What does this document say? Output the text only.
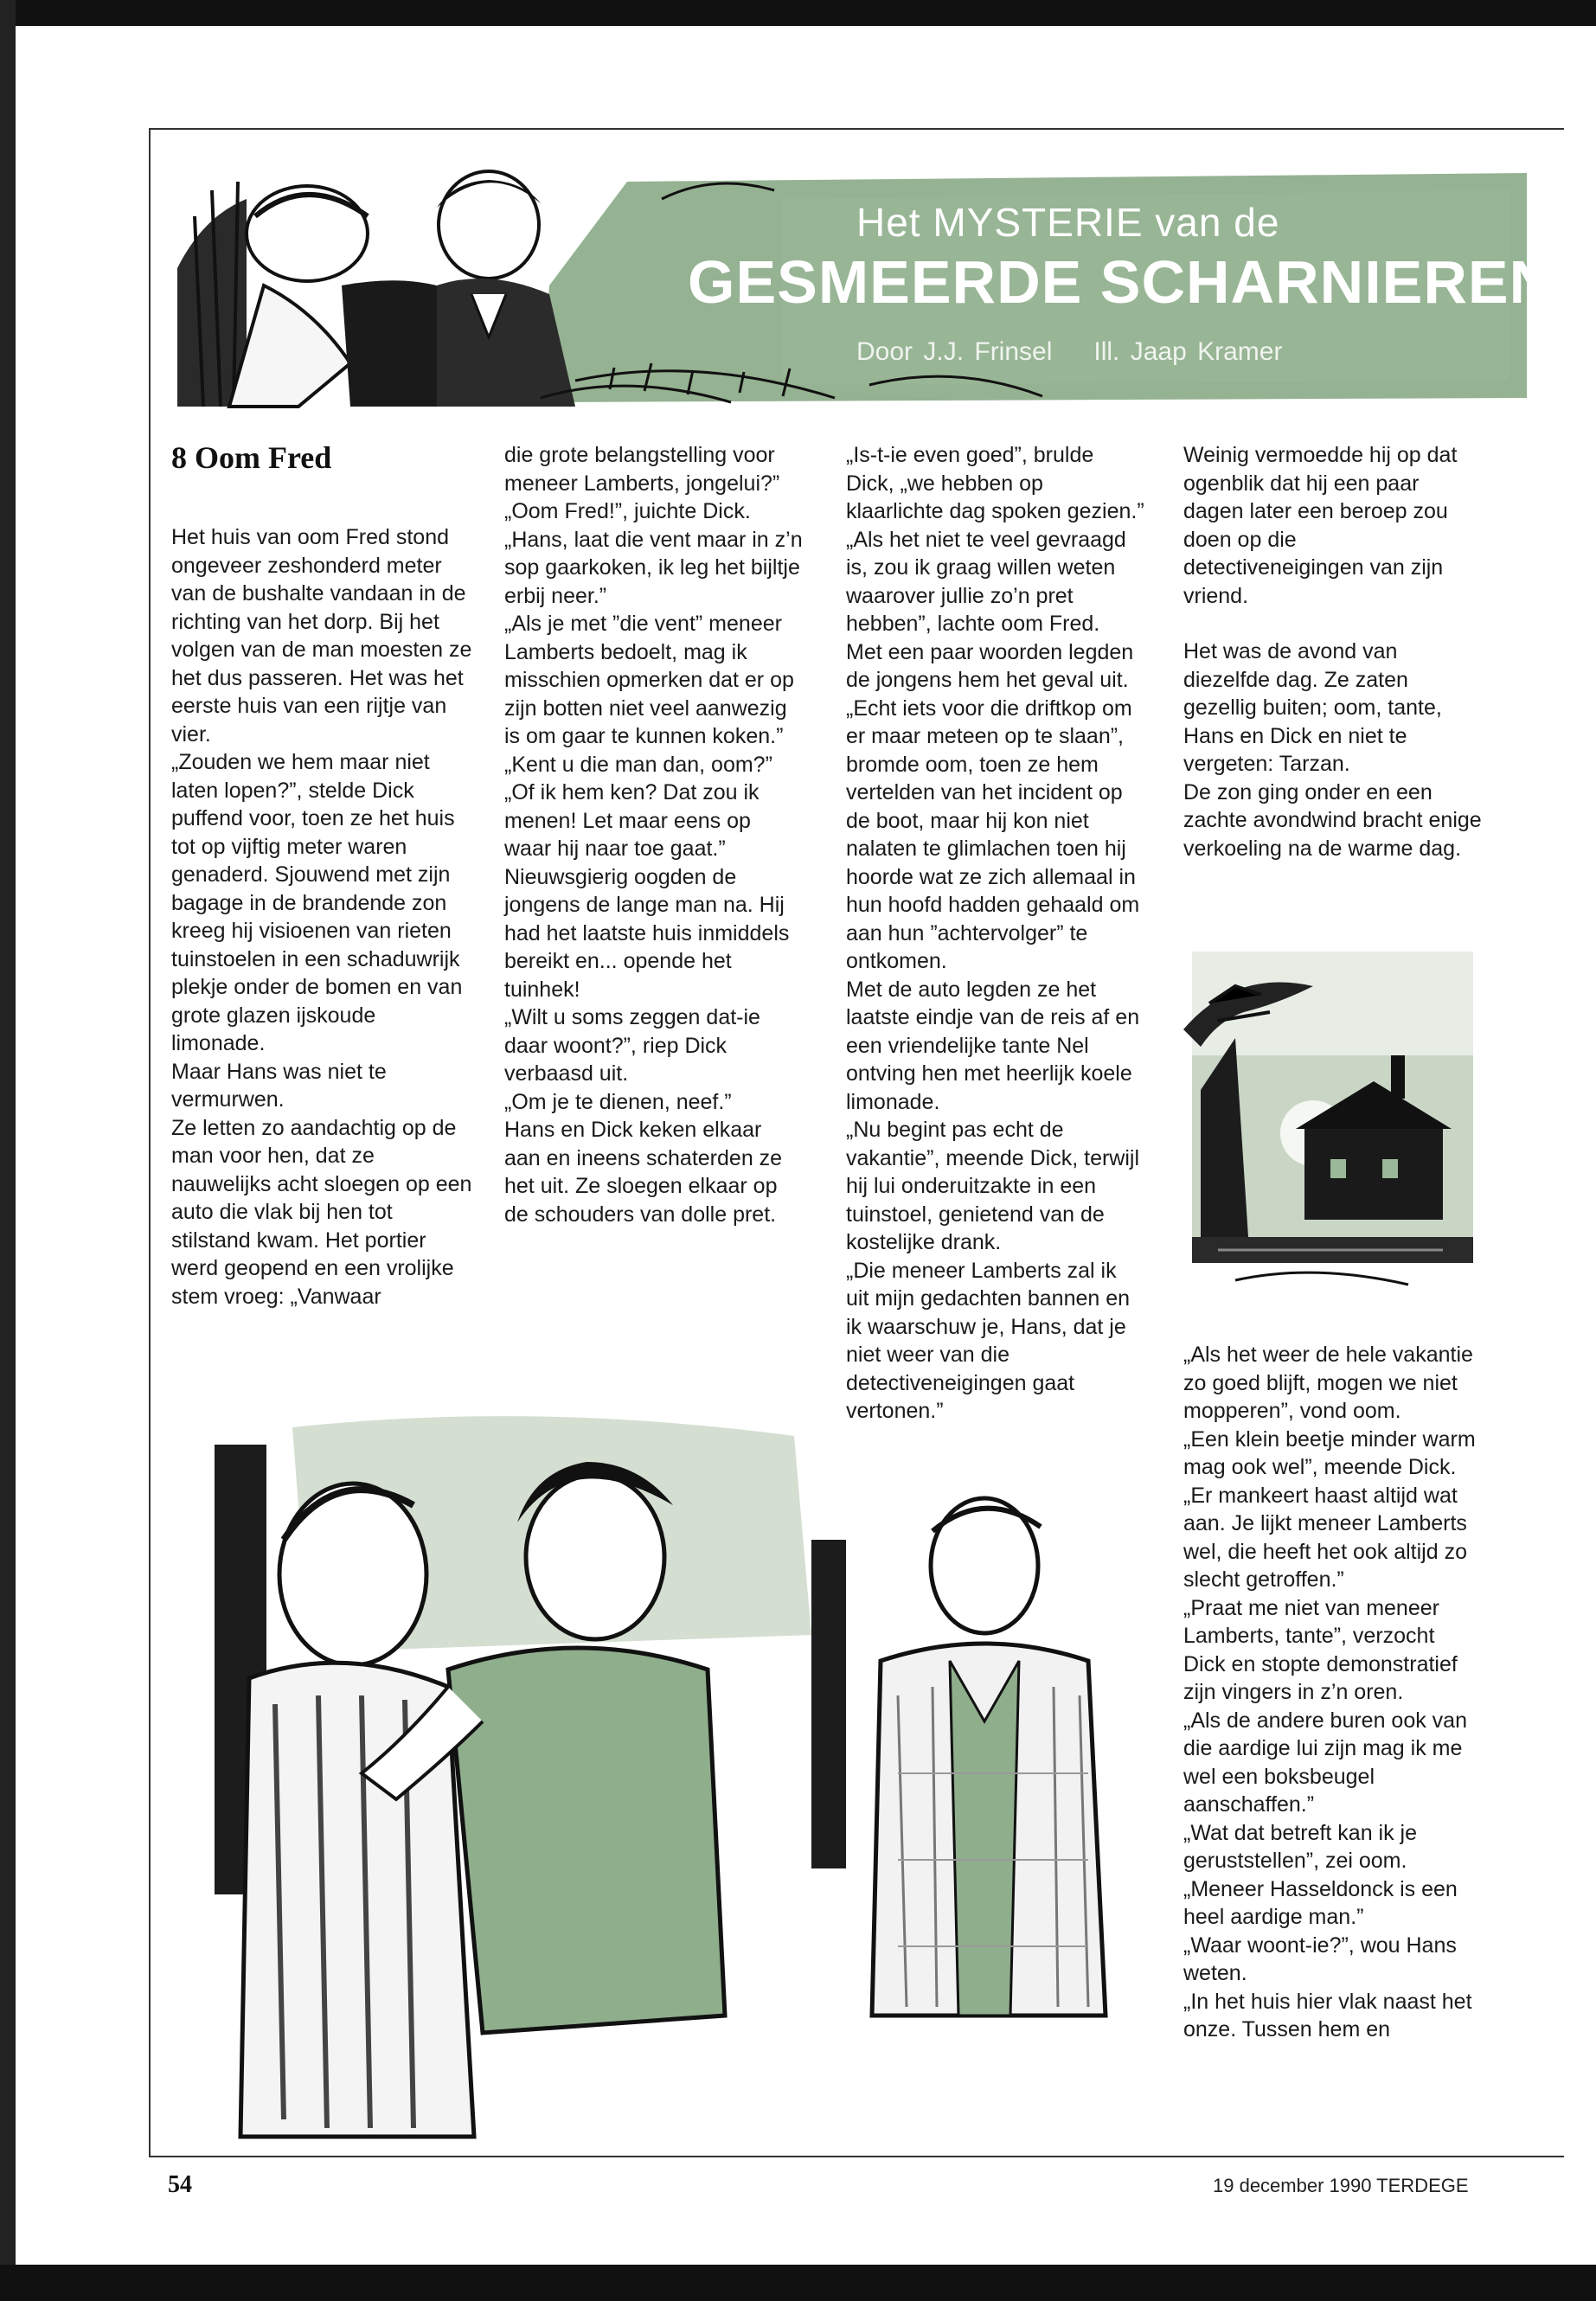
Het MYSTERIE van de
GESMEERDE SCHARNIEREN
Door J.J. Frinsel Ill. Jaap Kramer
8 Oom Fred

Het huis van oom Fred stond ongeveer zeshonderd meter van de bushalte vandaan in de richting van het dorp. Bij het volgen van de man moesten ze het dus passeren. Het was het eerste huis van een rijtje van vier.

„Zouden we hem maar niet laten lopen?”, stelde Dick puffend voor, toen ze het huis tot op vijftig meter waren genaderd. Sjouwend met zijn bagage in de brandende zon kreeg hij visioenen van rieten tuinstoelen in een schaduwrijk plekje onder de bomen en van grote glazen ijskoude limonade.

Maar Hans was niet te vermurwen.

Ze letten zo aandachtig op de man voor hen, dat ze nauwelijks acht sloegen op een auto die vlak bij hen tot stilstand kwam. Het portier werd geopend en een vrolijke stem vroeg: „Vanwaar

die grote belangstelling voor meneer Lamberts, jongelui?”

„Oom Fred!”, juichte Dick. „Hans, laat die vent maar in z’n sop gaarkoken, ik leg het bijltje erbij neer.”

„Als je met ”die vent” meneer Lamberts bedoelt, mag ik misschien opmerken dat er op zijn botten niet veel aanwezig is om gaar te kunnen koken.”

„Kent u die man dan, oom?”

„Of ik hem ken? Dat zou ik menen! Let maar eens op waar hij naar toe gaat.”

Nieuwsgierig oogden de jongens de lange man na. Hij had het laatste huis inmiddels bereikt en... opende het tuinhek!

„Wilt u soms zeggen dat-ie daar woont?”, riep Dick verbaasd uit.

„Om je te dienen, neef.”

Hans en Dick keken elkaar aan en ineens schaterden ze het uit. Ze sloegen elkaar op de schouders van dolle pret.

„Is-t-ie even goed”, brulde Dick, „we hebben op klaarlichte dag spoken gezien.”

„Als het niet te veel gevraagd is, zou ik graag willen weten waarover jullie zo’n pret hebben”, lachte oom Fred.

Met een paar woorden legden de jongens hem het geval uit.

„Echt iets voor die driftkop om er maar meteen op te slaan”, bromde oom, toen ze hem vertelden van het incident op de boot, maar hij kon niet nalaten te glimlachen toen hij hoorde wat ze zich allemaal in hun hoofd hadden gehaald om aan hun ”achtervolger” te ontkomen.

Met de auto legden ze het laatste eindje van de reis af en een vriendelijke tante Nel ontving hen met heerlijk koele limonade.

„Nu begint pas echt de vakantie”, meende Dick, terwijl hij lui onderuitzakte in een tuinstoel, genietend van de kostelijke drank.

„Die meneer Lamberts zal ik uit mijn gedachten bannen en ik waarschuw je, Hans, dat je niet weer van die detectiveneigingen gaat vertonen.”

Weinig vermoedde hij op dat ogenblik dat hij een paar dagen later een beroep zou doen op die detectiveneigingen van zijn vriend.

Het was de avond van diezelfde dag. Ze zaten gezellig buiten; oom, tante, Hans en Dick en niet te vergeten: Tarzan.

De zon ging onder en een zachte avondwind bracht enige verkoeling na de warme dag.

„Als het weer de hele vakantie zo goed blijft, mogen we niet mopperen”, vond oom.

„Een klein beetje minder warm mag ook wel”, meende Dick.

„Er mankeert haast altijd wat aan. Je lijkt meneer Lamberts wel, die heeft het ook altijd zo slecht getroffen.”

„Praat me niet van meneer Lamberts, tante”, verzocht Dick en stopte demonstratief zijn vingers in z’n oren.

„Als de andere buren ook van die aardige lui zijn mag ik me wel een boksbeugel aanschaffen.”

„Wat dat betreft kan ik je geruststellen”, zei oom. „Meneer Hasseldonck is een heel aardige man.”

„Waar woont-ie?”, wou Hans weten.

„In het huis hier vlak naast het onze. Tussen hem en

54	19 december 1990 TERDEGE
